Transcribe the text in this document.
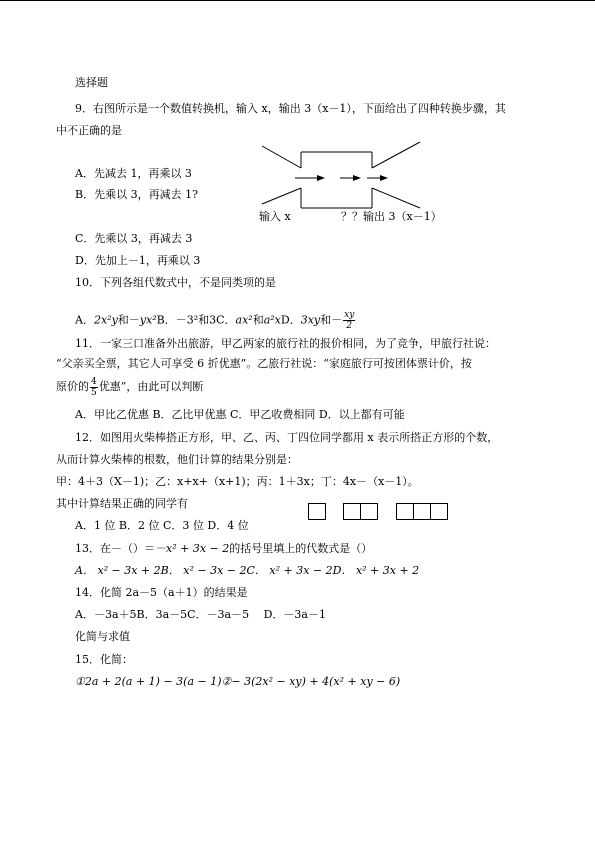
选择题
9．右图所示是一个数值转换机，输入 x，输出 3（x－1），下面给出了四种转换步骤，其
中不正确的是
A．先减去 1，再乘以 3
B．先乘以 3，再减去 1?
C．先乘以 3，再减去 3
D．先加上－1，再乘以 3
输入 x	？？ 输出 3（x－1）
10．下列各组代数式中，不是同类项的是
A．2x²y和－yx²B．－3²和3C．ax²和a²xD．3xy和－ $\frac{xy}{2}$
11．一家三口准备外出旅游，甲乙两家的旅行社的报价相同，为了竞争，甲旅行社说：
“父亲买全票，其它人可享受 6 折优惠”。乙旅行社说：“家庭旅行可按团体票计价，按
原价的 $\frac{4}{5}$ 优惠”，由此可以判断
A．甲比乙优惠 B．乙比甲优惠 C．甲乙收费相同 D．以上都有可能
12．如图用火柴棒搭正方形，甲、乙、丙、丁四位同学都用 x 表示所搭正方形的个数，
从而计算火柴棒的根数，他们计算的结果分别是：
甲：4＋3（X－1)；乙：x+x+（x+1)；丙：1＋3x；丁：4x－（x－1）。
其中计算结果正确的同学有
A．1 位 B．2 位 C．3 位 D．4 位
13．在－（）＝－x² + 3x − 2的括号里填上的代数式是（）
A． x² − 3x + 2B． x² − 3x − 2C． x² + 3x − 2D． x² + 3x + 2
14．化简 2a－5（a＋1）的结果是
A．－3a＋5B．3a－5C．－3a－5　 D．－3a－1
化简与求值
15．化简：
①2a + 2(a + 1) − 3(a − 1)②− 3(2x² − xy) + 4(x² + xy − 6)
